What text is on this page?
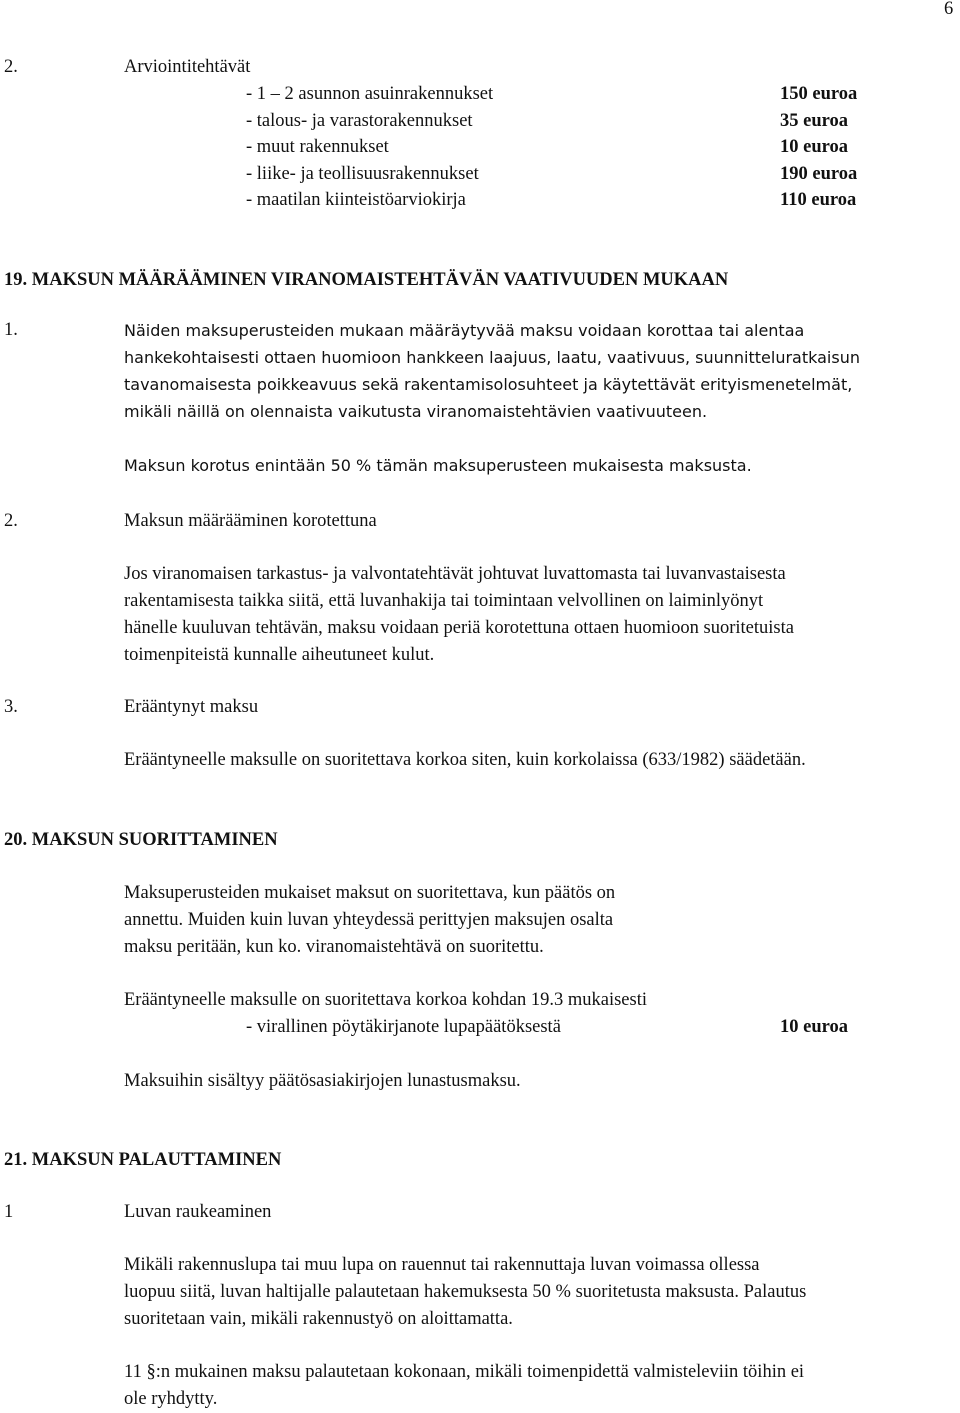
6
2.	Arviointitehtävät
- 1 – 2 asunnon asuinrakennukset	150 euroa
- talous- ja varastorakennukset	35 euroa
- muut rakennukset	10 euroa
- liike- ja teollisuusrakennukset	190 euroa
- maatilan kiinteistöarviokirja	110 euroa
19. MAKSUN MÄÄRÄÄMINEN VIRANOMAISTEHTÄVÄN VAATIVUUDEN MUKAAN
1.	Näiden maksuperusteiden mukaan määräytyvää maksu voidaan korottaa tai alentaa
hankekohtaisesti ottaen huomioon hankkeen laajuus, laatu, vaativuus, suunnitteluratkaisun
tavanomaisesta poikkeavuus sekä rakentamisolosuhteet ja käytettävät erityismenetelmät,
mikäli näillä on olennaista vaikutusta viranomaistehtävien vaativuuteen.
Maksun korotus enintään 50 % tämän maksuperusteen mukaisesta maksusta.
2.	Maksun määrääminen korotettuna
Jos viranomaisen tarkastus- ja valvontatehtävät johtuvat luvattomasta tai luvanvastaisesta
rakentamisesta taikka siitä, että luvanhakija tai toimintaan velvollinen on laiminlyönyt
hänelle kuuluvan tehtävän, maksu voidaan periä korotettuna ottaen huomioon suoritetuista
toimenpiteistä kunnalle aiheutuneet kulut.
3.	Erääntynyt maksu
Erääntyneelle maksulle on suoritettava korkoa siten, kuin korkolaissa (633/1982) säädetään.
20. MAKSUN SUORITTAMINEN
Maksuperusteiden mukaiset maksut on suoritettava, kun päätös on
annettu. Muiden kuin luvan yhteydessä perittyjen maksujen osalta
maksu peritään, kun ko. viranomaistehtävä on suoritettu.
Erääntyneelle maksulle on suoritettava korkoa kohdan 19.3 mukaisesti
- virallinen pöytäkirjanote lupapäätöksestä	10 euroa
Maksuihin sisältyy päätösasiakirjojen lunastusmaksu.
21. MAKSUN PALAUTTAMINEN
1	Luvan raukeaminen
Mikäli rakennuslupa tai muu lupa on rauennut tai rakennuttaja luvan voimassa ollessa
luopuu siitä, luvan haltijalle palautetaan hakemuksesta 50 % suoritetusta maksusta. Palautus
suoritetaan vain, mikäli rakennustyö on aloittamatta.
11 §:n mukainen maksu palautetaan kokonaan, mikäli toimenpidettä valmisteleviin töihin ei
ole ryhdytty.
